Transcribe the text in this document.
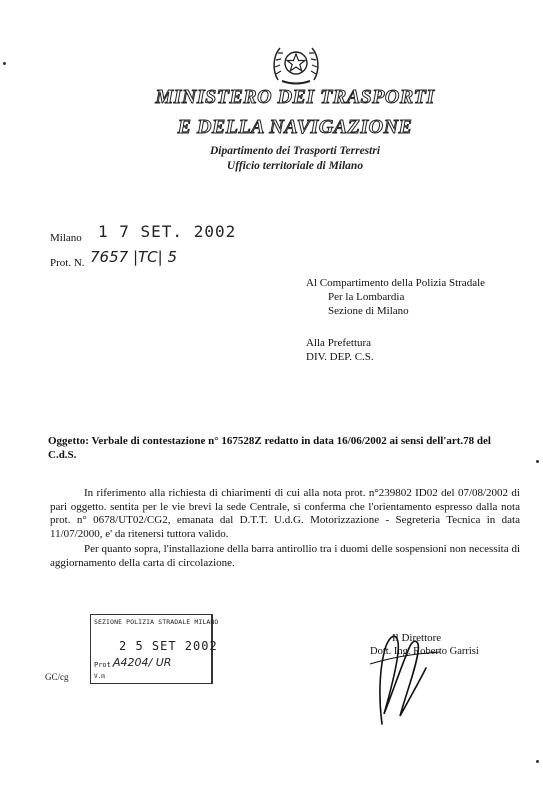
MINISTERO DEI TRASPORTI
E DELLA NAVIGAZIONE
Dipartimento dei Trasporti Terrestri
Ufficio territoriale di Milano
Milano 1 7 SET. 2002
Prot. N. 7657 |TC| 5
Al Compartimento della Polizia Stradale
Per la Lombardia
Sezione di Milano
Alla Prefettura
DIV. DEP. C.S.
Oggetto: Verbale di contestazione n° 167528Z redatto in data 16/06/2002 ai sensi dell'art.78 del C.d.S.

In riferimento alla richiesta di chiarimenti di cui alla nota prot. n°239802 ID02 del 07/08/2002 di pari oggetto. sentita per le vie brevi la sede Centrale, si conferma che l'orientamento espresso dalla nota prot. n° 0678/UT02/CG2, emanata dal D.T.T. U.d.G. Motorizzazione - Segreteria Tecnica in data 11/07/2000, e' da ritenersi tuttora valido.

Per quanto sopra, l'installazione della barra antirollio tra i duomi delle sospensioni non necessita di aggiornamento della carta di circolazione.

SEZIONE POLIZIA STRADALE MILANO
2 5 SET 2002
Prot.
A4204/ UR
V.m
GC/cg
Il Direttore
Dott. Ing. Roberto Garrisi
